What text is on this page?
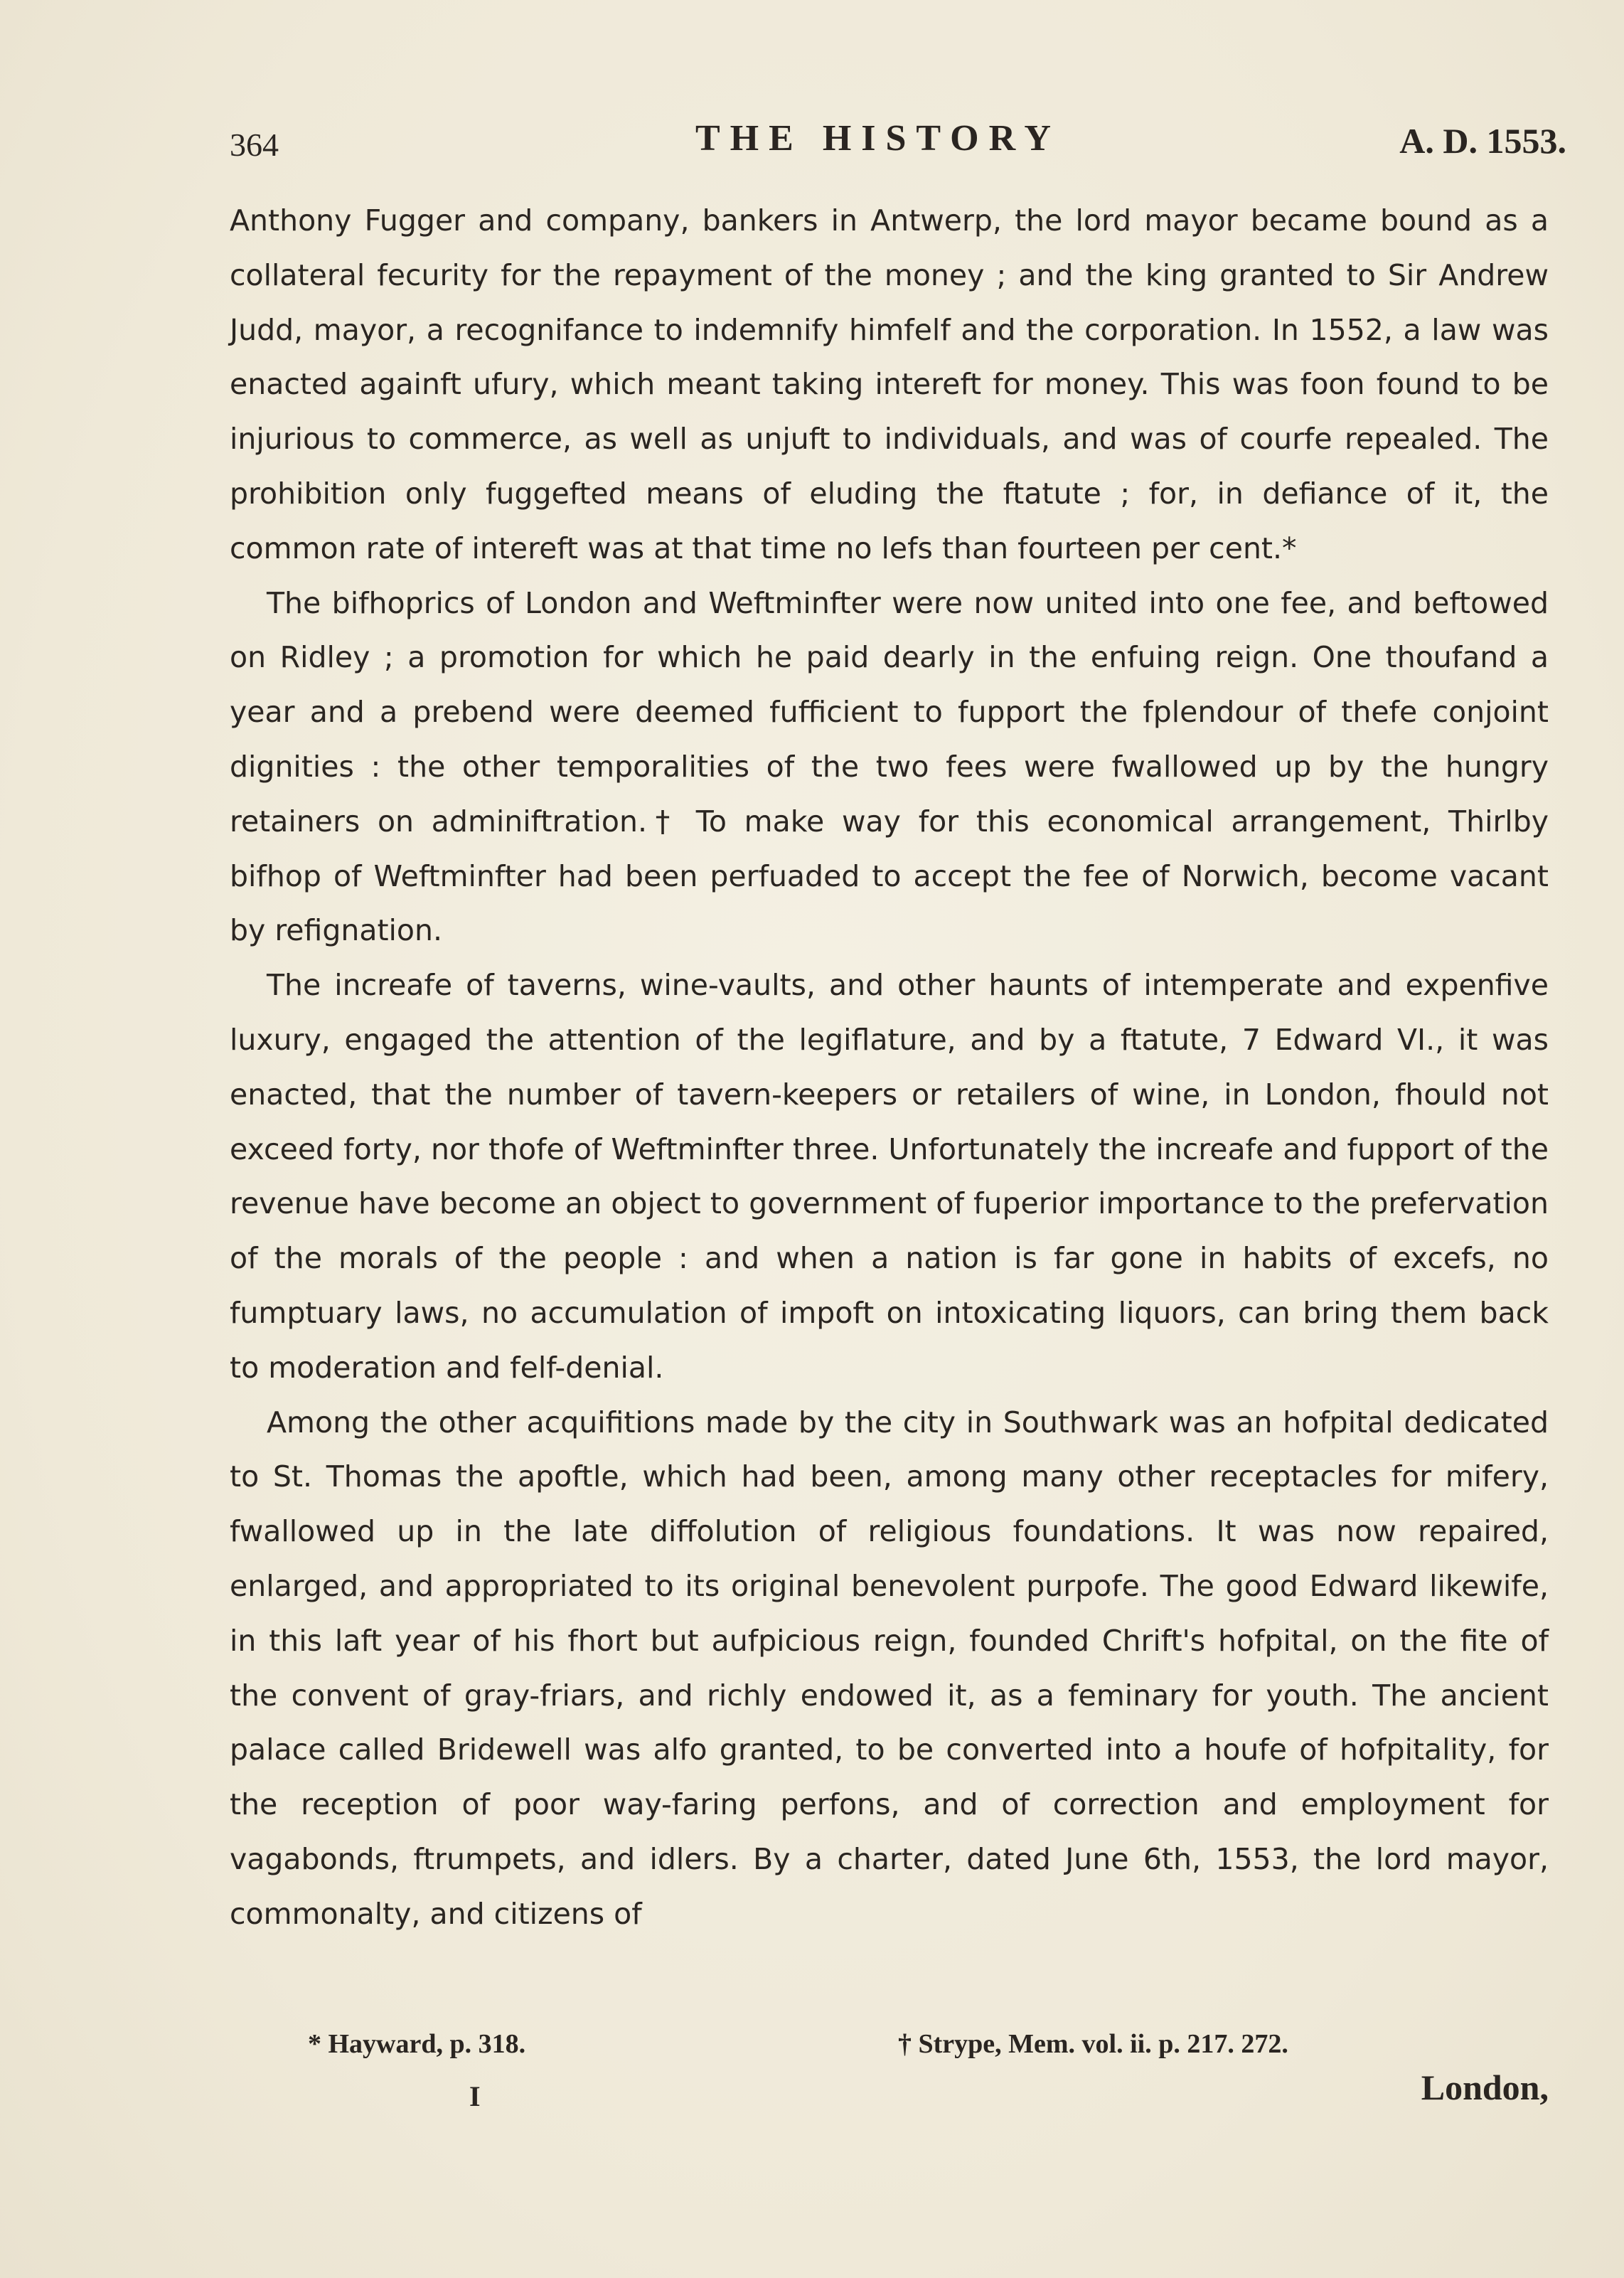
364	THE HISTORY	A. D. 1553.

Anthony Fugger and company, bankers in Antwerp, the lord mayor became bound as a collateral fecurity for the repayment of the money ; and the king granted to Sir Andrew Judd, mayor, a recognifance to indemnify himfelf and the corporation. In 1552, a law was enacted againft ufury, which meant taking intereft for money. This was foon found to be injurious to commerce, as well as unjuft to individuals, and was of courfe repealed. The prohibition only fuggefted means of eluding the ftatute ; for, in defiance of it, the common rate of intereft was at that time no lefs than fourteen per cent.*

The bifhoprics of London and Weftminfter were now united into one fee, and beftowed on Ridley ; a promotion for which he paid dearly in the enfuing reign. One thoufand a year and a prebend were deemed fufficient to fupport the fplendour of thefe conjoint dignities : the other temporalities of the two fees were fwallowed up by the hungry retainers on adminiftration.† To make way for this economical arrangement, Thirlby bifhop of Weftminfter had been perfuaded to accept the fee of Norwich, become vacant by refignation.

The increafe of taverns, wine-vaults, and other haunts of intemperate and expenfive luxury, engaged the attention of the legiflature, and by a ftatute, 7 Edward VI., it was enacted, that the number of tavern-keepers or retailers of wine, in London, fhould not exceed forty, nor thofe of Weftminfter three. Unfortunately the increafe and fupport of the revenue have become an object to government of fuperior importance to the prefervation of the morals of the people : and when a nation is far gone in habits of excefs, no fumptuary laws, no accumulation of impoft on intoxicating liquors, can bring them back to moderation and felf-denial.

Among the other acquifitions made by the city in Southwark was an hofpital dedicated to St. Thomas the apoftle, which had been, among many other receptacles for mifery, fwallowed up in the late diffolution of religious foundations. It was now repaired, enlarged, and appropriated to its original benevolent purpofe. The good Edward likewife, in this laft year of his fhort but aufpicious reign, founded Chrift's hofpital, on the fite of the convent of gray-friars, and richly endowed it, as a feminary for youth. The ancient palace called Bridewell was alfo granted, to be converted into a houfe of hofpitality, for the reception of poor way-faring perfons, and of correction and employment for vagabonds, ftrumpets, and idlers. By a charter, dated June 6th, 1553, the lord mayor, commonalty, and citizens of

* Hayward, p. 318.	† Strype, Mem. vol. ii. p. 217. 272.
I	London,
